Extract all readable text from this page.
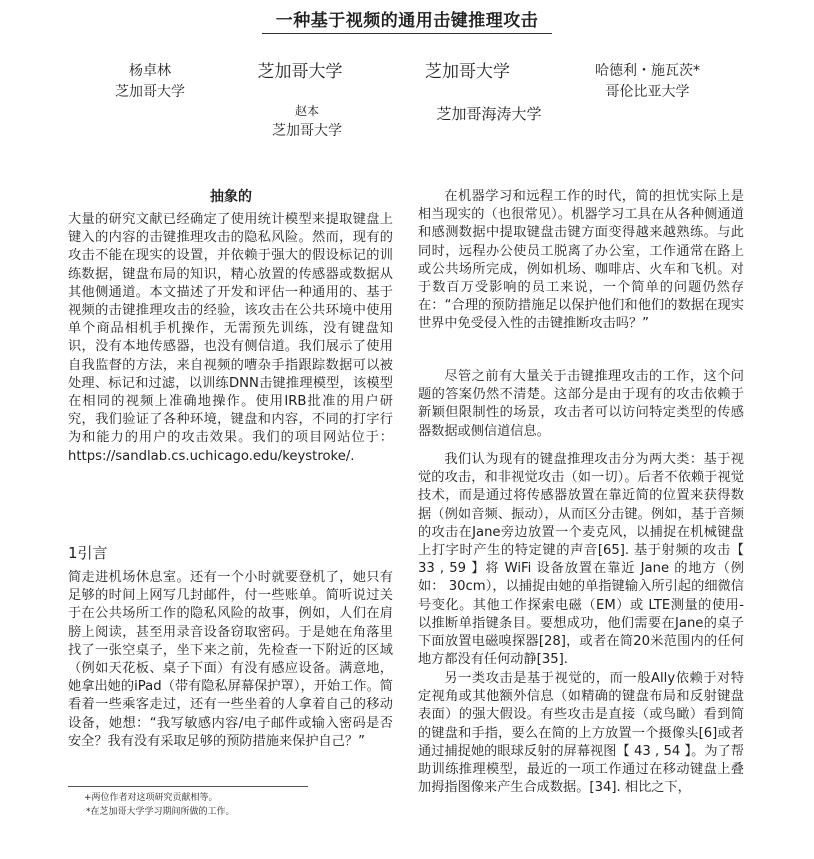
一种基于视频的通用击键推理攻击
杨卓林
芝加哥大学
芝加哥大学	芝加哥大学	哈德利・施瓦茨*
哥伦比亚大学
赵本
芝加哥大学
芝加哥海涛大学
抽象的

大量的研究文献已经确定了使用统计模型来提取键盘上键入的内容的击键推理攻击的隐私风险。然而，现有的攻击不能在现实的设置，并依赖于强大的假设标记的训练数据，键盘布局的知识，精心放置的传感器或数据从其他侧通道。本文描述了开发和评估一种通用的、基于视频的击键推理攻击的经验，该攻击在公共环境中使用单个商品相机手机操作，无需预先训练，没有键盘知识，没有本地传感器，也没有侧信道。我们展示了使用自我监督的方法，来自视频的嘈杂手指跟踪数据可以被处理、标记和过滤，以训练DNN击键推理模型，该模型在相同的视频上准确地操作。使用IRB批准的用户研究，我们验证了各种环境，键盘和内容，不同的打字行为和能力的用户的攻击效果。我们的项目网站位于：https://sandlab.cs.uchicago.edu/keystroke/.

1引言

简走进机场休息室。还有一个小时就要登机了，她只有足够的时间上网写几封邮件，付一些账单。简听说过关于在公共场所工作的隐私风险的故事，例如，人们在肩膀上阅读，甚至用录音设备窃取密码。于是她在角落里找了一张空桌子，坐下来之前，先检查一下附近的区域（例如天花板、桌子下面）有没有感应设备。满意地，她拿出她的iPad（带有隐私屏幕保护罩），开始工作。简看着一些乘客走过，还有一些坐着的人拿着自己的移动设备，她想：“我写敏感内容/电子邮件或输入密码是否安全？我有没有采取足够的预防措施来保护自己？”

+两位作者对这项研究贡献相等。
*在芝加哥大学学习期间所做的工作。

在机器学习和远程工作的时代，简的担忧实际上是相当现实的（也很常见）。机器学习工具在从各种侧通道和感测数据中提取键盘击键方面变得越来越熟练。与此同时，远程办公使员工脱离了办公室，工作通常在路上或公共场所完成，例如机场、咖啡店、火车和飞机。对于数百万受影响的员工来说，一个简单的问题仍然存在：“合理的预防措施足以保护他们和他们的数据在现实世界中免受侵入性的击键推断攻击吗？”

尽管之前有大量关于击键推理攻击的工作，这个问题的答案仍然不清楚。这部分是由于现有的攻击依赖于新颖但限制性的场景，攻击者可以访问特定类型的传感器数据或侧信道信息。

我们认为现有的键盘推理攻击分为两大类：基于视觉的攻击，和非视觉攻击（如一切）。后者不依赖于视觉技术，而是通过将传感器放置在靠近简的位置来获得数据（例如音频、振动），从而区分击键。例如，基于音频的攻击在Jane旁边放置一个麦克风，以捕捉在机械键盘上打字时产生的特定键的声音[65]. 基于射频的攻击【 33 , 59 】将 WiFi 设备放置在靠近 Jane 的地方（例如： 30cm），以捕捉由她的单指键输入所引起的细微信号变化。其他工作探索电磁（EM）或 LTE测量的使用-以推断单指键条目。要想成功，他们需要在Jane的桌子下面放置电磁嗅探器[28]，或者在简20米范围内的任何地方都没有任何动静[35].

另一类攻击是基于视觉的，而一般Ally依赖于对特定视角或其他额外信息（如精确的键盘布局和反射键盘表面）的强大假设。有些攻击是直接（或鸟瞰）看到简的键盘和手指，要么在简的上方放置一个摄像头[6]或者通过捕捉她的眼球反射的屏幕视图【 43 , 54 】。为了帮助训练推理模型，最近的一项工作通过在移动键盘上叠加拇指图像来产生合成数据。[34]. 相比之下，
